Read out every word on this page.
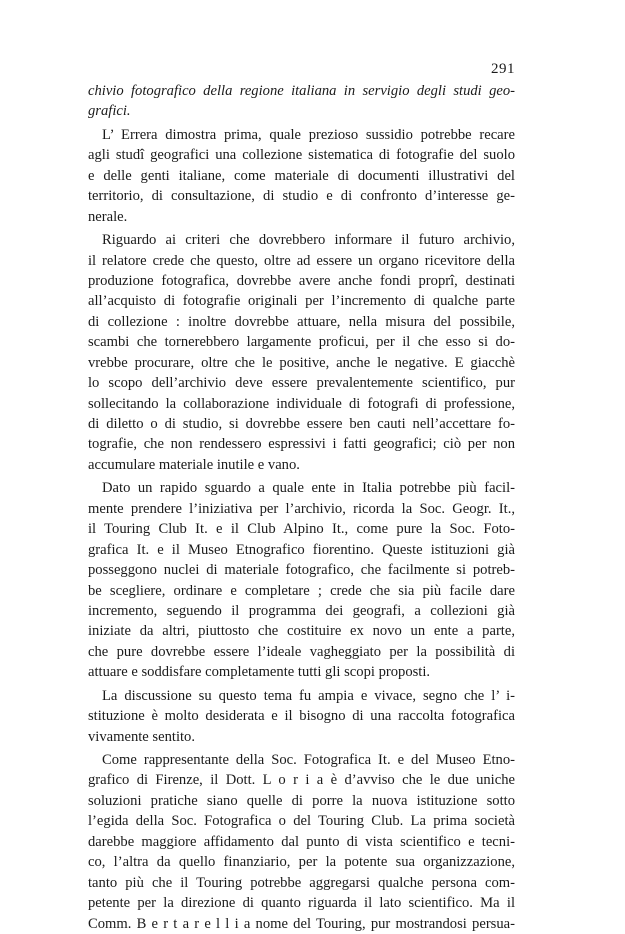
291
chivio fotografico della regione italiana in servigio degli studi geo-
grafici.
L’ Errera dimostra prima, quale prezioso sussidio potrebbe recare
agli studî geografici una collezione sistematica di fotografie del suolo
e delle genti italiane, come materiale di documenti illustrativi del
territorio, di consultazione, di studio e di confronto d’interesse ge-
nerale.
Riguardo ai criteri che dovrebbero informare il futuro archivio,
il relatore crede che questo, oltre ad essere un organo ricevitore della
produzione fotografica, dovrebbe avere anche fondi proprî, destinati
all’acquisto di fotografie originali per l’incremento di qualche parte
di collezione : inoltre dovrebbe attuare, nella misura del possibile,
scambi che tornerebbero largamente proficui, per il che esso si do-
vrebbe procurare, oltre che le positive, anche le negative. E giacchè
lo scopo dell’archivio deve essere prevalentemente scientifico, pur
sollecitando la collaborazione individuale di fotografi di professione,
di diletto o di studio, si dovrebbe essere ben cauti nell’accettare fo-
tografie, che non rendessero espressivi i fatti geografici; ciò per non
accumulare materiale inutile e vano.
Dato un rapido sguardo a quale ente in Italia potrebbe più facil-
mente prendere l’iniziativa per l’archivio, ricorda la Soc. Geogr. It.,
il Touring Club It. e il Club Alpino It., come pure la Soc. Foto-
grafica It. e il Museo Etnografico fiorentino. Queste istituzioni già
posseggono nuclei di materiale fotografico, che facilmente si potreb-
be scegliere, ordinare e completare ; crede che sia più facile dare
incremento, seguendo il programma dei geografi, a collezioni già
iniziate da altri, piuttosto che costituire ex novo un ente a parte,
che pure dovrebbe essere l’ideale vagheggiato per la possibilità di
attuare e soddisfare completamente tutti gli scopi proposti.
La discussione su questo tema fu ampia e vivace, segno che l’ i-
stituzione è molto desiderata e il bisogno di una raccolta fotografica
vivamente sentito.
Come rappresentante della Soc. Fotografica It. e del Museo Etno-
grafico di Firenze, il Dott. L o r i a è d’avviso che le due uniche
soluzioni pratiche siano quelle di porre la nuova istituzione sotto
l’egida della Soc. Fotografica o del Touring Club. La prima società
darebbe maggiore affidamento dal punto di vista scientifico e tecni-
co, l’altra da quello finanziario, per la potente sua organizzazione,
tanto più che il Touring potrebbe aggregarsi qualche persona com-
petente per la direzione di quanto riguarda il lato scientifico. Ma il
Comm. B e r t a r e l l i a nome del Touring, pur mostrandosi persua-
